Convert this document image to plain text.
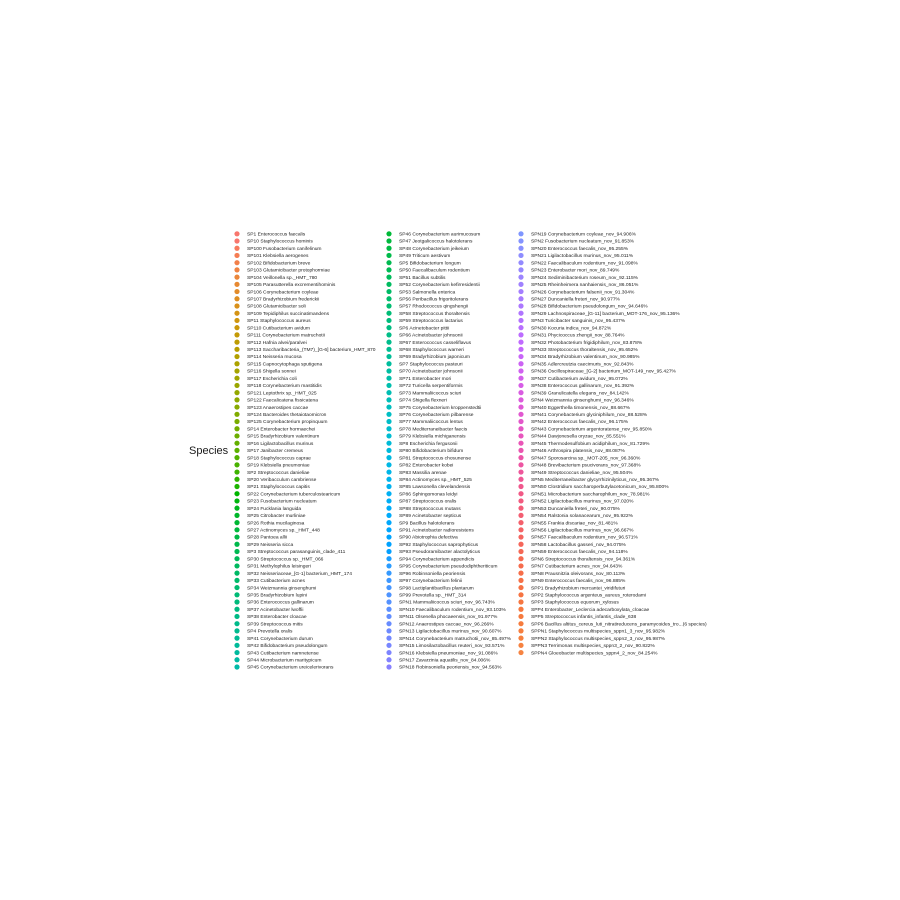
Species
SP1 Enterococcus faecalis
SP10 Staphylococcus hominis
SP100 Fusobacterium canifelinum
SP101 Klebsiella aerogenes
SP102 Bifidobacterium breve
SP103 Glutamicibacter protophormiae
SP104 Veillonella sp._HMT_780
SP105 Parasutterella excrementihominis
SP106 Corynebacterium coyleae
SP107 Bradyrhizobium frederickii
SP108 Glutamicibacter soli
SP109 Tepidiphilus succinatimandens
SP11 Staphylococcus aureus
SP110 Cutibacterium avidum
SP111 Corynebacterium matruchotii
SP112 Hafnia alvei/paralvei
SP113 Saccharibacteria_(TM7)_[G-6] bacterium_HMT_870
SP114 Neisseria mucosa
SP115 Capnocytophaga sputigena
SP116 Shigella sonnei
SP117 Escherichia coli
SP118 Corynebacterium mastitidis
SP121 Leptothrix sp._HMT_025
SP122 Faecalicatena fissicatena
SP123 Anaerostipes caccae
SP124 Bacteroides thetaiotaomicron
SP125 Corynebacterium propinquum
SP14 Enterobacter hormaechei
SP15 Bradyrhizobium valentinum
SP16 Ligilactobacillus murinus
SP17 Janibacter cremeus
SP18 Staphylococcus caprae
SP19 Klebsiella pneumoniae
SP2 Streptococcus danieliae
SP20 Veribacculum cambriense
SP21 Staphylococcus capitis
SP22 Corynebacterium tuberculostearicum
SP23 Fusobacterium nucleatum
SP24 Fucklania languida
SP25 Citrobacter murliniae
SP26 Rothia mucilaginosa
SP27 Actinomyces sp._HMT_448
SP28 Pantoea allii
SP29 Neisseria sicca
SP3 Streptococcus parasanguinis_clade_411
SP30 Streptococcus sp._HMT_066
SP31 Methylophilus leisingeri
SP32 Neisseriaceae_[G-1] bacterium_HMT_174
SP33 Cutibacterium acnes
SP34 Weizmannia ginsenghumi
SP35 Bradyrhizobium lupini
SP36 Enterococcus gallinarum
SP37 Acinetobacter lwoffii
SP38 Enterobacter cloacae
SP39 Streptococcus mitis
SP4 Prevotella oralis
SP41 Corynebacterium durum
SP42 Bifidobacterium pseudolongum
SP43 Cutibacterium namnetense
SP44 Microbacterium maritypicum
SP45 Corynebacterium ureicelerivorans
SP46 Corynebacterium aurimucosum
SP47 Jeotgalicoccus halotolerans
SP48 Corynebacterium jeikeium
SP49 Triticum aestivum
SP5 Bifidobacterium longum
SP50 Faecalibaculum rodentium
SP51 Bacillus subtilis
SP52 Corynebacterium kefirresidentii
SP53 Salmonella enterica
SP56 Peribacillus frigoritolerans
SP57 Rhodococcus qingshengii
SP58 Streptococcus thoraltensis
SP59 Streptococcus lactarius
SP6 Acinetobacter pittii
SP66 Acinetobacter johnsonii
SP67 Enterococcus casseliflavus
SP68 Staphylococcus warneri
SP69 Bradyrhizobium japonicum
SP7 Staphylococcus pasteuri
SP70 Acinetobacter johnsonii
SP71 Enterobacter mori
SP72 Turicella serpentiformis
SP73 Mammaliicoccus sciuri
SP74 Shigella flexneri
SP75 Corynebacterium kroppenstedtii
SP76 Corynebacterium pilbarense
SP77 Mammaliicoccus lentus
SP78 Mediterraneibacter faecis
SP79 Klebsiella michiganensis
SP8 Escherichia fergusonii
SP80 Bifidobacterium bifidum
SP81 Streptococcus chosunense
SP82 Enterobacter kobei
SP83 Massilia arenae
SP84 Actinomyces sp._HMT_525
SP85 Lawsonella clevelandensis
SP86 Sphingomonas leidyi
SP87 Streptococcus oralis
SP88 Streptococcus mutans
SP89 Acinetobacter septicus
SP9 Bacillus halotolerans
SP91 Acinetobacter radioresistens
SP90 Abiotrophia defectiva
SP92 Staphylococcus saprophyticus
SP93 Pseudoramibacter alactolyticus
SP94 Corynebacterium appendicis
SP95 Corynebacterium pseudodiphtheriticum
SP96 Robinsoniella peoriensis
SP97 Corynebacterium felinii
SP98 Lactiplantibacillus plantarum
SP99 Prevotella sp._HMT_314
SPN1 Mammaliicoccus sciuri_nov_96.743%
SPN10 Faecalibaculum rodentium_nov_93.103%
SPN11 Olsenella phocaeensis_nov_91.977%
SPN12 Anaerostipes caccae_nov_96.266%
SPN13 Ligilactobacillus murinus_nov_90.607%
SPN14 Corynebacterium matruchotii_nov_85.497%
SPN15 Limosilactobacillus reuteri_nov_93.571%
SPN16 Klebsiella pneumoniae_nov_91.086%
SPN17 Zavarzinia aquatilis_nov_84.006%
SPN18 Robinsoniella peoriensis_nov_94.563%
SPN19 Corynebacterium coyleae_nov_94.906%
SPN2 Fusobacterium nucleatum_nov_91.853%
SPN20 Enterococcus faecalis_nov_95.255%
SPN21 Ligilactobacillus murinus_nov_95.011%
SPN22 Faecalibaculum rodentium_nov_91.098%
SPN23 Enterobacter mori_nov_89.749%
SPN24 Sediminibacterium roseum_nov_92.115%
SPN25 Rheinheimera nanhaiensis_nov_86.051%
SPN26 Corynebacterium falsenii_nov_91.304%
SPN27 Duncaniella freteri_nov_90.977%
SPN28 Bifidobacterium pseudolongum_nov_94.646%
SPN29 Lachnospiraceae_[G-11] bacterium_MOT-176_nov_95.136%
SPN3 Turicibacter sanguinis_nov_95.437%
SPN30 Kocuria indica_nov_94.872%
SPN31 Phycicoccus zhengii_nov_88.764%
SPN32 Photobacterium frigidiphilum_nov_83.878%
SPN33 Streptococcus thoraltensis_nov_95.652%
SPN34 Bradyrhizobium valentinum_nov_90.985%
SPN35 Adlercreutzia caecimuris_nov_92.843%
SPN36 Oscillospiraceae_[G-2] bacterium_MOT-149_nov_95.427%
SPN37 Cutibacterium avidum_nov_95.072%
SPN38 Enterococcus gallinarum_nov_91.392%
SPN39 Granulicatella elegans_nov_84.142%
SPN4 Weizmannia ginsenghumi_nov_96.346%
SPN40 Eggerthella timonensis_nov_88.667%
SPN41 Corynebacterium glyciniphilum_nov_88.528%
SPN42 Enterococcus faecalis_nov_96.175%
SPN43 Corynebacterium argentoratense_nov_95.850%
SPN44 Dawjonesella oryzae_nov_85.551%
SPN45 Thermodesulfobium acidiphilum_nov_81.729%
SPN46 Arthrospira platensis_nov_88.087%
SPN47 Sporosarcina sp._MOT-205_nov_96.360%
SPN48 Brevibacterium psucivorans_nov_97.368%
SPN49 Streptococcus danieliae_nov_95.504%
SPN5 Mediterraneibacter glycyrrhizinilyticus_nov_95.367%
SPN50 Clostridium saccharoperbutylacetonicum_nov_95.800%
SPN51 Microbacterium saccharophilum_nov_78.981%
SPN52 Ligilactobacillus murinus_nov_97.020%
SPN53 Duncaniella freteri_nov_90.075%
SPN54 Ralstonia solanacearum_nov_95.922%
SPN55 Frankia discariae_nov_81.481%
SPN56 Ligilactobacillus murinus_nov_96.667%
SPN57 Faecalibaculum rodentium_nov_96.571%
SPN58 Lactobacillus gasseri_nov_94.075%
SPN59 Enterococcus faecalis_nov_94.118%
SPN6 Streptococcus thoraltensis_nov_94.361%
SPN7 Cutibacterium acnes_nov_94.643%
SPN8 Prausnitzia oleivorans_nov_80.113%
SPN9 Enterococcus faecalis_nov_96.885%
SPP1 Bradyrhizobium mercantei_viridifuturi
SPP2 Staphylococcus argenteus_aureus_roterodami
SPP3 Staphylococcus equorum_xylosus
SPP4 Enterobacter_Leclercia adecarboxylata_cloacae
SPP5 Streptococcus infantis_infantis_clade_638
SPP6 Bacillus altitus_cereus_luti_nitratireducens_paramycoides_tro...(6 species)
SPPN1 Staphylococcus multispecies_sppn1_3_nov_95.982%
SPPN2 Staphylococcus multispecies_sppn2_3_nov_95.987%
SPPN3 Terrimonas multispecies_sppn3_2_nov_90.822%
SPPN4 Gloeobacter multispecies_sppn4_2_nov_84.254%
